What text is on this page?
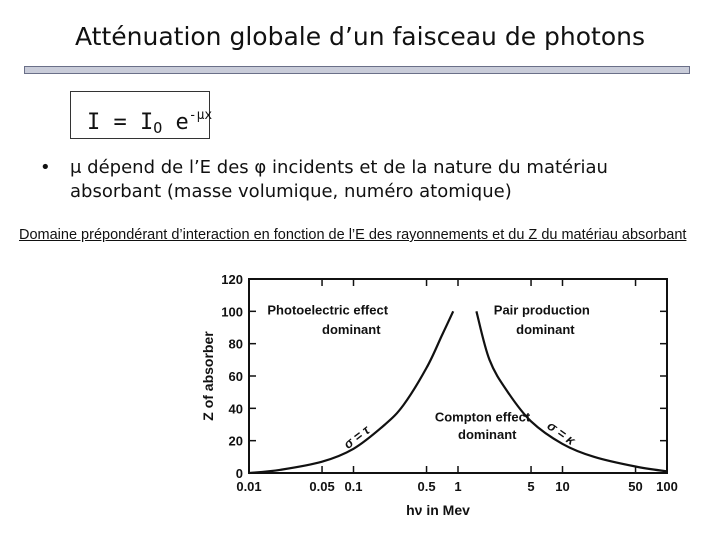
Atténuation globale d’un faisceau de photons
$I = I_O$ $e^{-\mu x}$
• μ dépend de l’E des φ incidents et de la nature du matériau absorbant (masse volumique, numéro atomique)
Domaine prépondérant d’interaction en fonction de l’E des rayonnements et du Z du matériau absorbant
0
20
40
60
80
100
120
0.01	0.05 0.1	0.5 1	5 10	50 100
hν in Mev
Z of absorber
σ = τ	σ = κ
Photoelectric effect
dominant
Pair production
dominant
Compton effect
dominant
